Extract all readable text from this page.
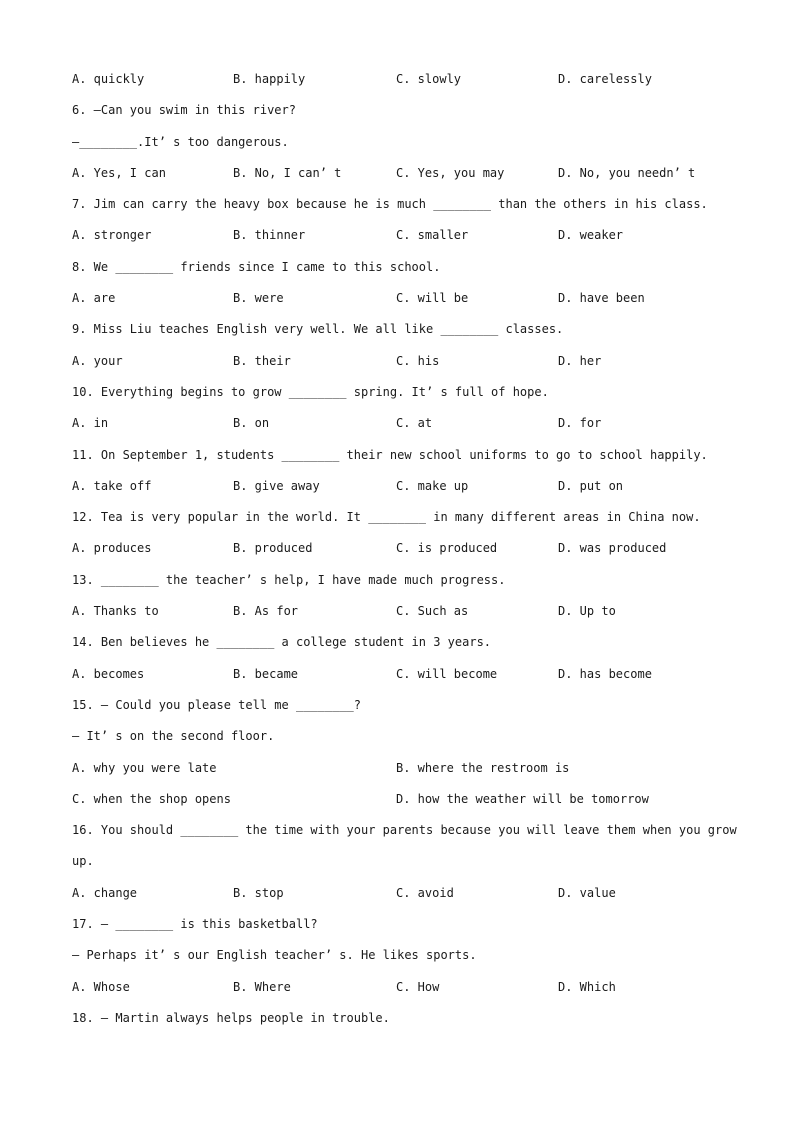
A. quickly	B. happily	C. slowly	D. carelessly
6. —Can you swim in this river?
—________.It’ s too dangerous.
A. Yes, I can	B. No, I can’ t	C. Yes, you may	D. No, you needn’ t
7. Jim can carry the heavy box because he is much ________ than the others in his class.
A. stronger	B. thinner	C. smaller	D. weaker
8. We ________ friends since I came to this school.
A. are	B. were	C. will be	D. have been
9. Miss Liu teaches English very well. We all like ________ classes.
A. your	B. their	C. his	D. her
10. Everything begins to grow ________ spring. It’ s full of hope.
A. in	B. on	C. at	D. for
11. On September 1, students ________ their new school uniforms to go to school happily.
A. take off	B. give away	C. make up	D. put on
12. Tea is very popular in the world. It ________ in many different areas in China now.
A. produces	B. produced	C. is produced	D. was produced
13. ________ the teacher’ s help, I have made much progress.
A. Thanks to	B. As for	C. Such as	D. Up to
14. Ben believes he ________ a college student in 3 years.
A. becomes	B. became	C. will become	D. has become
15. — Could you please tell me ________?
— It’ s on the second floor.
A. why you were late	B. where the restroom is
C. when the shop opens	D. how the weather will be tomorrow
16. You should ________ the time with your parents because you will leave them when you grow
up.
A. change	B. stop	C. avoid	D. value
17. — ________ is this basketball?
— Perhaps it’ s our English teacher’ s. He likes sports.
A. Whose	B. Where	C. How	D. Which
18. — Martin always helps people in trouble.
